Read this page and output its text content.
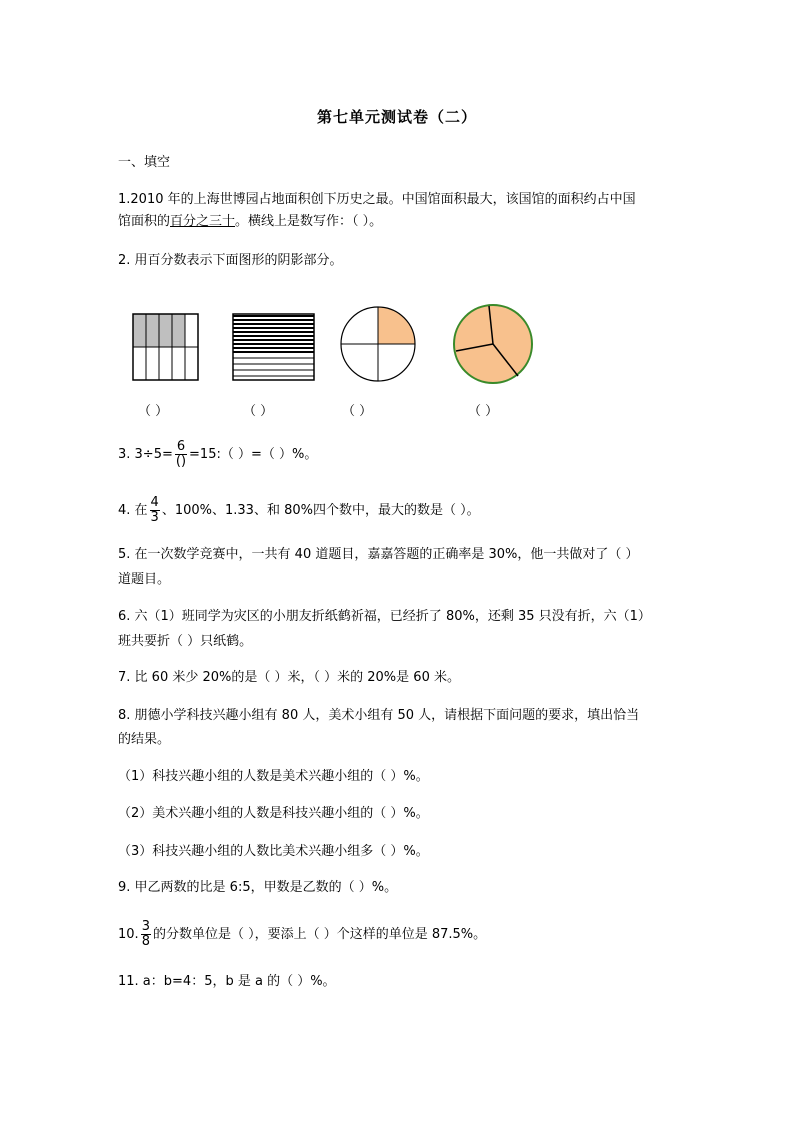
第七单元测试卷（二）
一、填空
1.2010 年的上海世博园占地面积创下历史之最。中国馆面积最大，该国馆的面积约占中国
馆面积的百分之三十。横线上是数写作：（ ）。
2. 用百分数表示下面图形的阴影部分。
（ ）	（ ）	（ ）	（ ）
3. $3\div 5= \frac{6}{()}$ =15:（ ）=（ ）%。
4. 在 $\frac{4}{3}$ 、100%、1.33、和 80%四个数中，最大的数是（ ）。
5. 在一次数学竞赛中，一共有 40 道题目，嘉嘉答题的正确率是 30%，他一共做对了（ ）
道题目。
6. 六（1）班同学为灾区的小朋友折纸鹤祈福，已经折了 80%，还剩 35 只没有折，六（1）
班共要折（ ）只纸鹤。
7. 比 60 米少 20%的是（ ）米，（ ）米的 20%是 60 米。
8. 朋德小学科技兴趣小组有 80 人，美术小组有 50 人，请根据下面问题的要求，填出恰当
的结果。
（1）科技兴趣小组的人数是美术兴趣小组的（ ）%。
（2）美术兴趣小组的人数是科技兴趣小组的（ ）%。
（3）科技兴趣小组的人数比美术兴趣小组多（ ）%。
9. 甲乙两数的比是 6:5，甲数是乙数的（ ）%。
10. $\frac{3}{8}$ 的分数单位是（ ），要添上（ ）个这样的单位是 87.5%。
11. a：b=4：5，b 是 a 的（ ）%。
